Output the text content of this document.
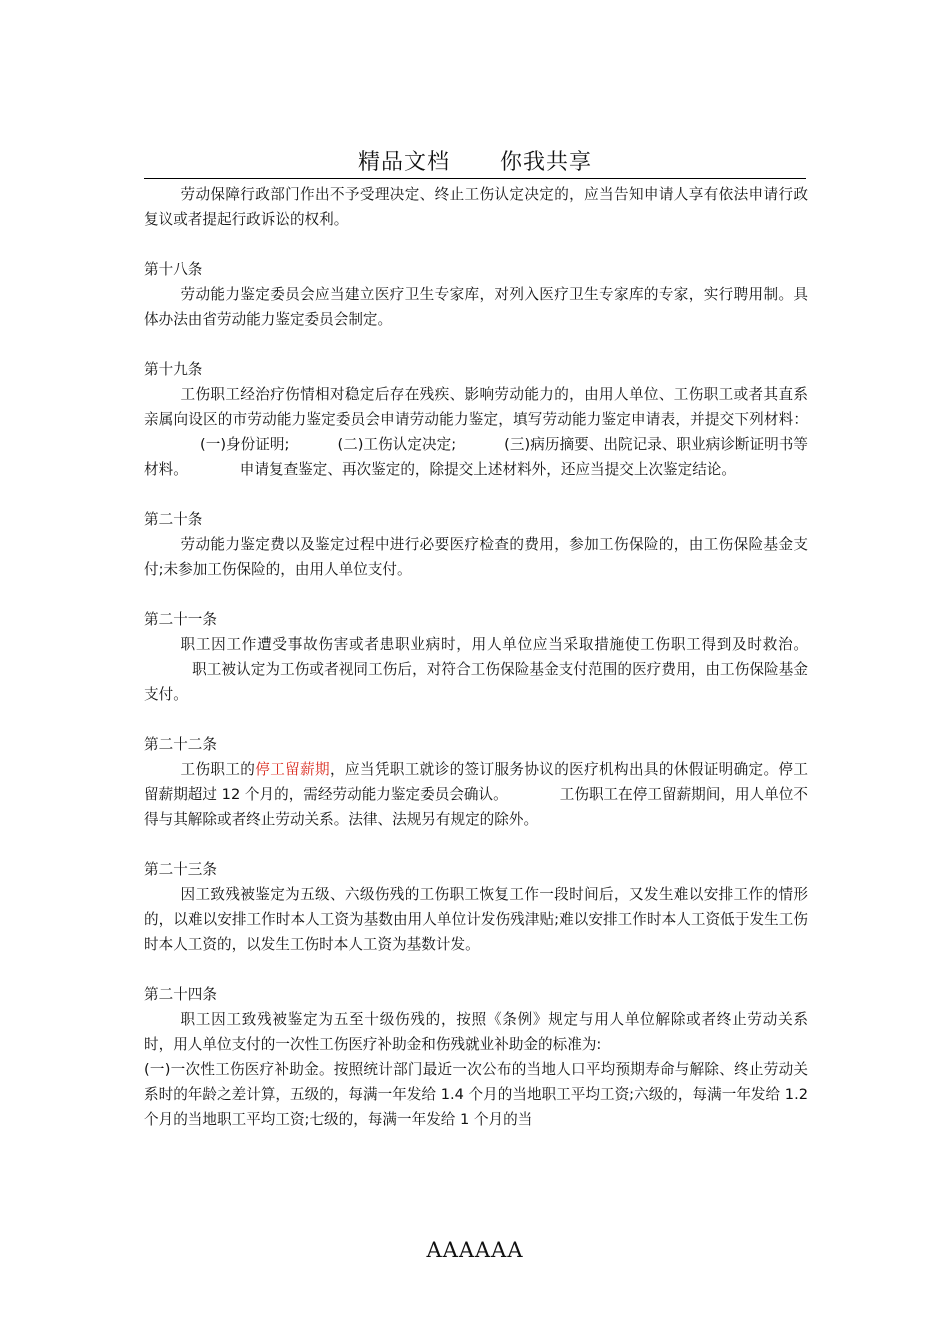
精品文档 你我共享

劳动保障行政部门作出不予受理决定、终止工伤认定决定的，应当告知申请人享有依法申请行政复议或者提起行政诉讼的权利。

第十八条

劳动能力鉴定委员会应当建立医疗卫生专家库，对列入医疗卫生专家库的专家，实行聘用制。具体办法由省劳动能力鉴定委员会制定。

第十九条

工伤职工经治疗伤情相对稳定后存在残疾、影响劳动能力的，由用人单位、工伤职工或者其直系亲属向设区的市劳动能力鉴定委员会申请劳动能力鉴定，填写劳动能力鉴定申请表，并提交下列材料：(一)身份证明;	(二)工伤认定决定;	(三)病历摘要、出院记录、职业病诊断证明书等材料。	申请复查鉴定、再次鉴定的，除提交上述材料外，还应当提交上次鉴定结论。

第二十条

劳动能力鉴定费以及鉴定过程中进行必要医疗检查的费用，参加工伤保险的，由工伤保险基金支付;未参加工伤保险的，由用人单位支付。

第二十一条

职工因工作遭受事故伤害或者患职业病时，用人单位应当采取措施使工伤职工得到及时救治。职工被认定为工伤或者视同工伤后，对符合工伤保险基金支付范围的医疗费用，由工伤保险基金支付。

第二十二条

工伤职工的停工留薪期，应当凭职工就诊的签订服务协议的医疗机构出具的休假证明确定。停工留薪期超过 12 个月的，需经劳动能力鉴定委员会确认。	工伤职工在停工留薪期间，用人单位不得与其解除或者终止劳动关系。法律、法规另有规定的除外。

第二十三条

因工致残被鉴定为五级、六级伤残的工伤职工恢复工作一段时间后，又发生难以安排工作的情形的，以难以安排工作时本人工资为基数由用人单位计发伤残津贴;难以安排工作时本人工资低于发生工伤时本人工资的，以发生工伤时本人工资为基数计发。

第二十四条

职工因工致残被鉴定为五至十级伤残的，按照《条例》规定与用人单位解除或者终止劳动关系时，用人单位支付的一次性工伤医疗补助金和伤残就业补助金的标准为:

(一)一次性工伤医疗补助金。按照统计部门最近一次公布的当地人口平均预期寿命与解除、终止劳动关系时的年龄之差计算，五级的，每满一年发给 1.4 个月的当地职工平均工资;六级的，每满一年发给 1.2 个月的当地职工平均工资;七级的，每满一年发给 1 个月的当

AAAAAA
